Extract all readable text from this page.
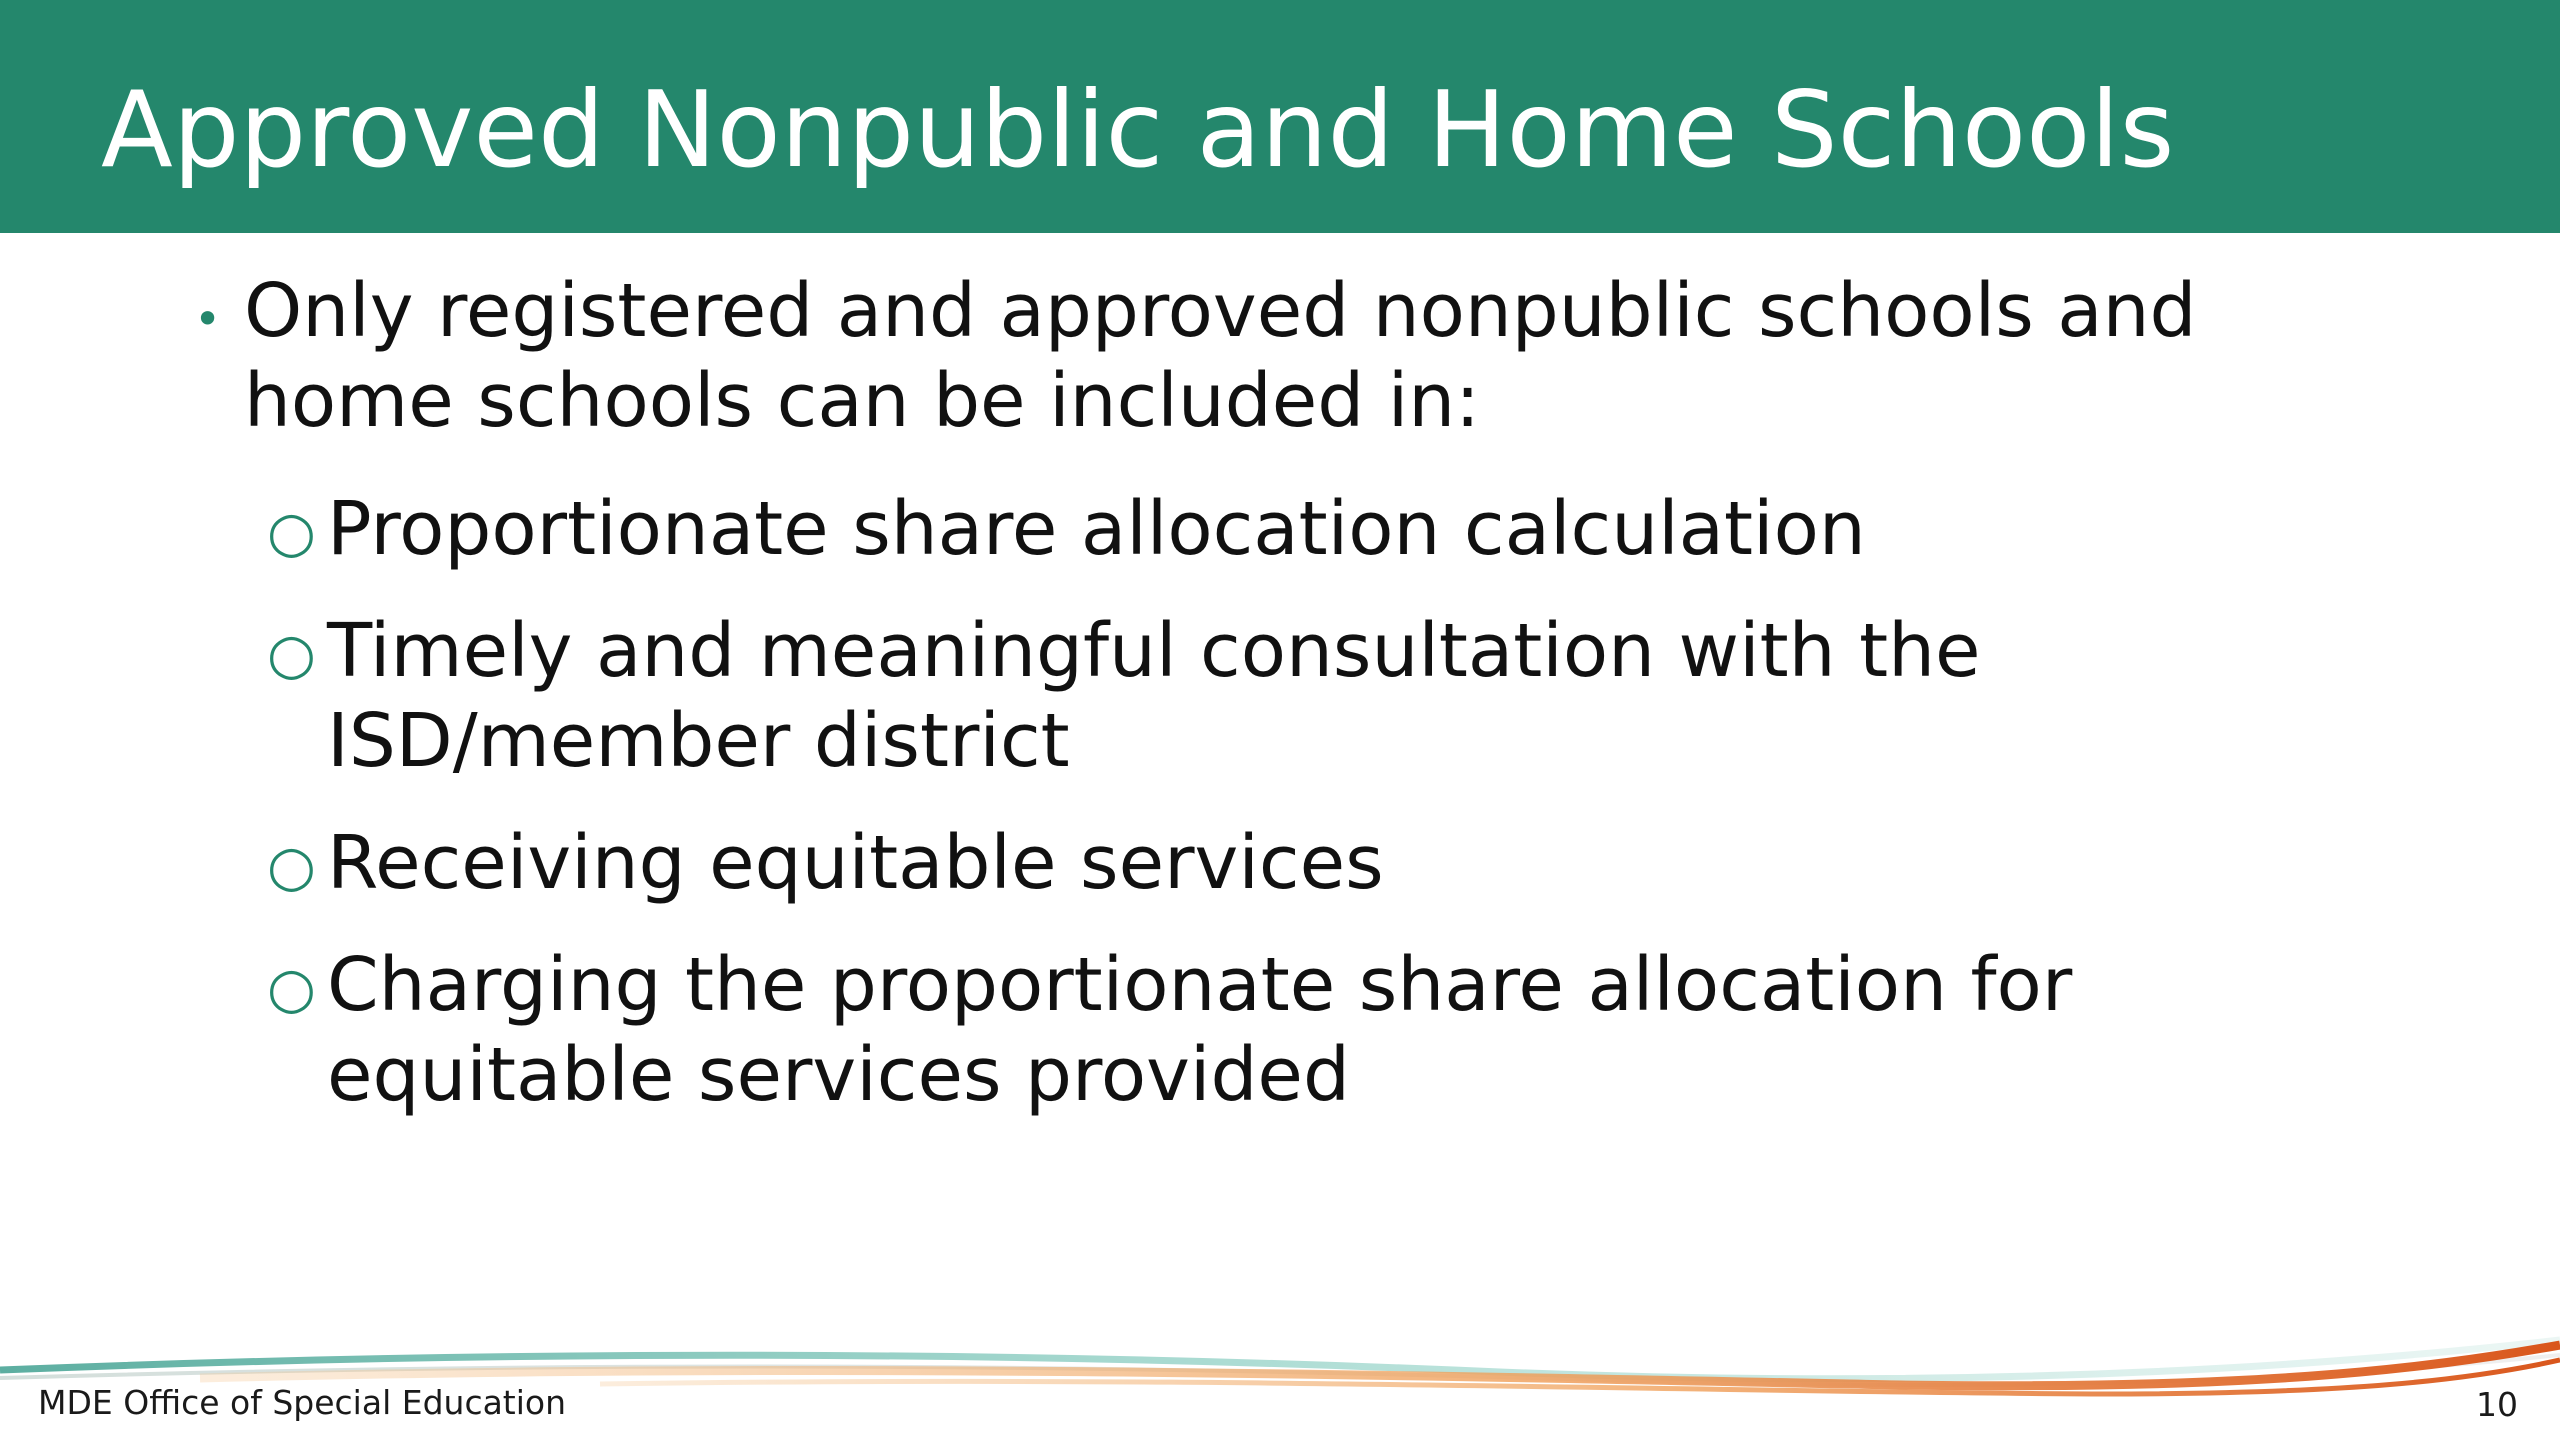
Approved Nonpublic and Home Schools
• Only registered and approved nonpublic schools and home schools can be included in:
○ Proportionate share allocation calculation
○ Timely and meaningful consultation with the ISD/member district
○ Receiving equitable services
○ Charging the proportionate share allocation for equitable services provided
MDE Office of Special Education	10
